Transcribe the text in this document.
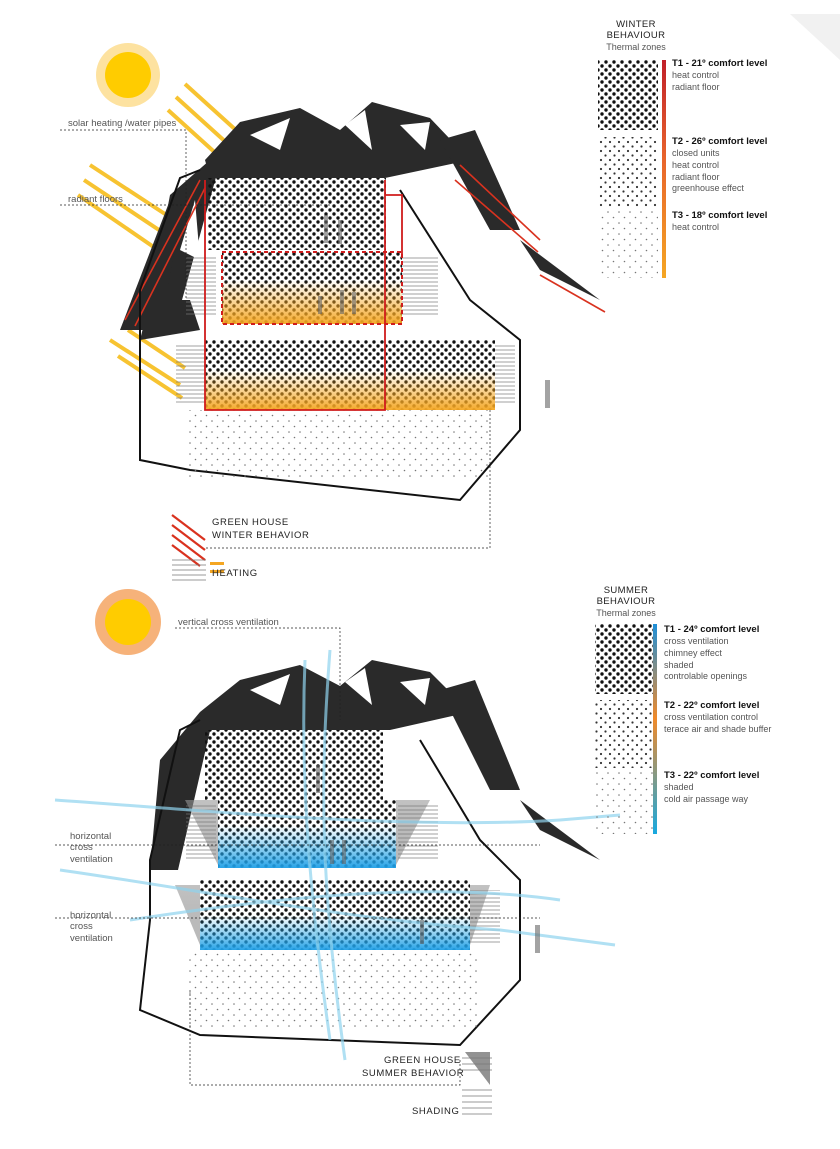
WINTER
BEHAVIOUR
Thermal zones
T1 - 21º comfort level
heat control
radiant floor
T2 - 26º comfort level
closed units
heat control
radiant floor
greenhouse effect
T3 - 18º comfort level
heat control
solar heating /water pipes
radiant floors
GREEN HOUSE
WINTER BEHAVIOR
HEATING
SUMMER
BEHAVIOUR
Thermal zones
T1 - 24º comfort level
cross ventilation
chimney effect
shaded
controlable openings
T2 - 22º comfort level
cross ventilation control
terace air and shade buffer
T3 - 22º comfort level
shaded
cold air passage way
vertical cross ventilation
horizontal
cross
ventilation
horizontal
cross
ventilation
GREEN HOUSE
SUMMER BEHAVIOR
SHADING
